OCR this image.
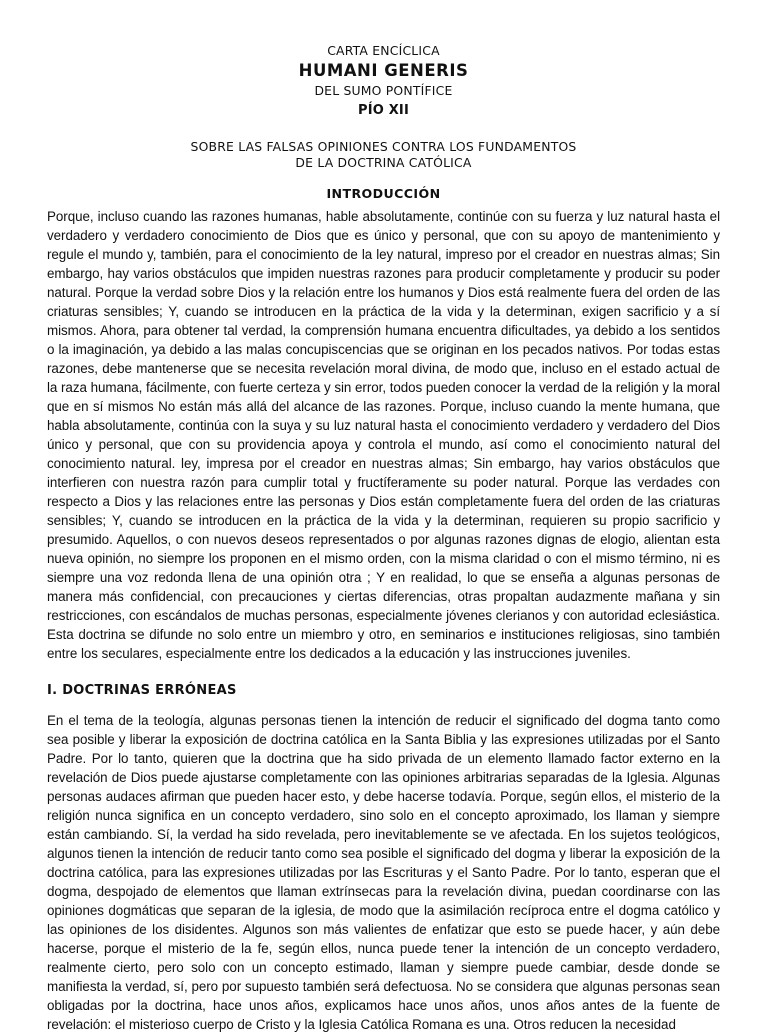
CARTA ENCÍCLICA
HUMANI GENERIS
DEL SUMO PONTÍFICE
PÍO XII
SOBRE LAS FALSAS OPINIONES CONTRA LOS FUNDAMENTOS
DE LA DOCTRINA CATÓLICA
INTRODUCCIÓN

Porque, incluso cuando las razones humanas, hable absolutamente, continúe con su fuerza y luz natural hasta el verdadero y verdadero conocimiento de Dios que es único y personal, que con su apoyo de mantenimiento y regule el mundo y, también, para el conocimiento de la ley natural, impreso por el creador en nuestras almas; Sin embargo, hay varios obstáculos que impiden nuestras razones para producir completamente y producir su poder natural. Porque la verdad sobre Dios y la relación entre los humanos y Dios está realmente fuera del orden de las criaturas sensibles; Y, cuando se introducen en la práctica de la vida y la determinan, exigen sacrificio y a sí mismos. Ahora, para obtener tal verdad, la comprensión humana encuentra dificultades, ya debido a los sentidos o la imaginación, ya debido a las malas concupiscencias que se originan en los pecados nativos. Por todas estas razones, debe mantenerse que se necesita revelación moral divina, de modo que, incluso en el estado actual de la raza humana, fácilmente, con fuerte certeza y sin error, todos pueden conocer la verdad de la religión y la moral que en sí mismos No están más allá del alcance de las razones. Porque, incluso cuando la mente humana, que habla absolutamente, continúa con la suya y su luz natural hasta el conocimiento verdadero y verdadero del Dios único y personal, que con su providencia apoya y controla el mundo, así como el conocimiento natural del conocimiento natural. ley, impresa por el creador en nuestras almas; Sin embargo, hay varios obstáculos que interfieren con nuestra razón para cumplir total y fructíferamente su poder natural. Porque las verdades con respecto a Dios y las relaciones entre las personas y Dios están completamente fuera del orden de las criaturas sensibles; Y, cuando se introducen en la práctica de la vida y la determinan, requieren su propio sacrificio y presumido. Aquellos, o con nuevos deseos representados o por algunas razones dignas de elogio, alientan esta nueva opinión, no siempre los proponen en el mismo orden, con la misma claridad o con el mismo término, ni es siempre una voz redonda llena de una opinión otra ; Y en realidad, lo que se enseña a algunas personas de manera más confidencial, con precauciones y ciertas diferencias, otras propaltan audazmente mañana y sin restricciones, con escándalos de muchas personas, especialmente jóvenes clerianos y con autoridad eclesiástica. Esta doctrina se difunde no solo entre un miembro y otro, en seminarios e instituciones religiosas, sino también entre los seculares, especialmente entre los dedicados a la educación y las instrucciones juveniles.

I. DOCTRINAS ERRÓNEAS

En el tema de la teología, algunas personas tienen la intención de reducir el significado del dogma tanto como sea posible y liberar la exposición de doctrina católica en la Santa Biblia y las expresiones utilizadas por el Santo Padre. Por lo tanto, quieren que la doctrina que ha sido privada de un elemento llamado factor externo en la revelación de Dios puede ajustarse completamente con las opiniones arbitrarias separadas de la Iglesia. Algunas personas audaces afirman que pueden hacer esto, y debe hacerse todavía. Porque, según ellos, el misterio de la religión nunca significa en un concepto verdadero, sino solo en el concepto aproximado, los llaman y siempre están cambiando. Sí, la verdad ha sido revelada, pero inevitablemente se ve afectada. En los sujetos teológicos, algunos tienen la intención de reducir tanto como sea posible el significado del dogma y liberar la exposición de la doctrina católica, para las expresiones utilizadas por las Escrituras y el Santo Padre. Por lo tanto, esperan que el dogma, despojado de elementos que llaman extrínsecas para la revelación divina, puedan coordinarse con las opiniones dogmáticas que separan de la iglesia, de modo que la asimilación recíproca entre el dogma católico y las opiniones de los disidentes. Algunos son más valientes de enfatizar que esto se puede hacer, y aún debe hacerse, porque el misterio de la fe, según ellos, nunca puede tener la intención de un concepto verdadero, realmente cierto, pero solo con un concepto estimado, llaman y siempre puede cambiar, desde donde se manifiesta la verdad, sí, pero por supuesto también será defectuosa. No se considera que algunas personas sean obligadas por la doctrina, hace unos años, explicamos hace unos años, unos años antes de la fuente de revelación: el misterioso cuerpo de Cristo y la Iglesia Católica Romana es una. Otros reducen la necesidad
